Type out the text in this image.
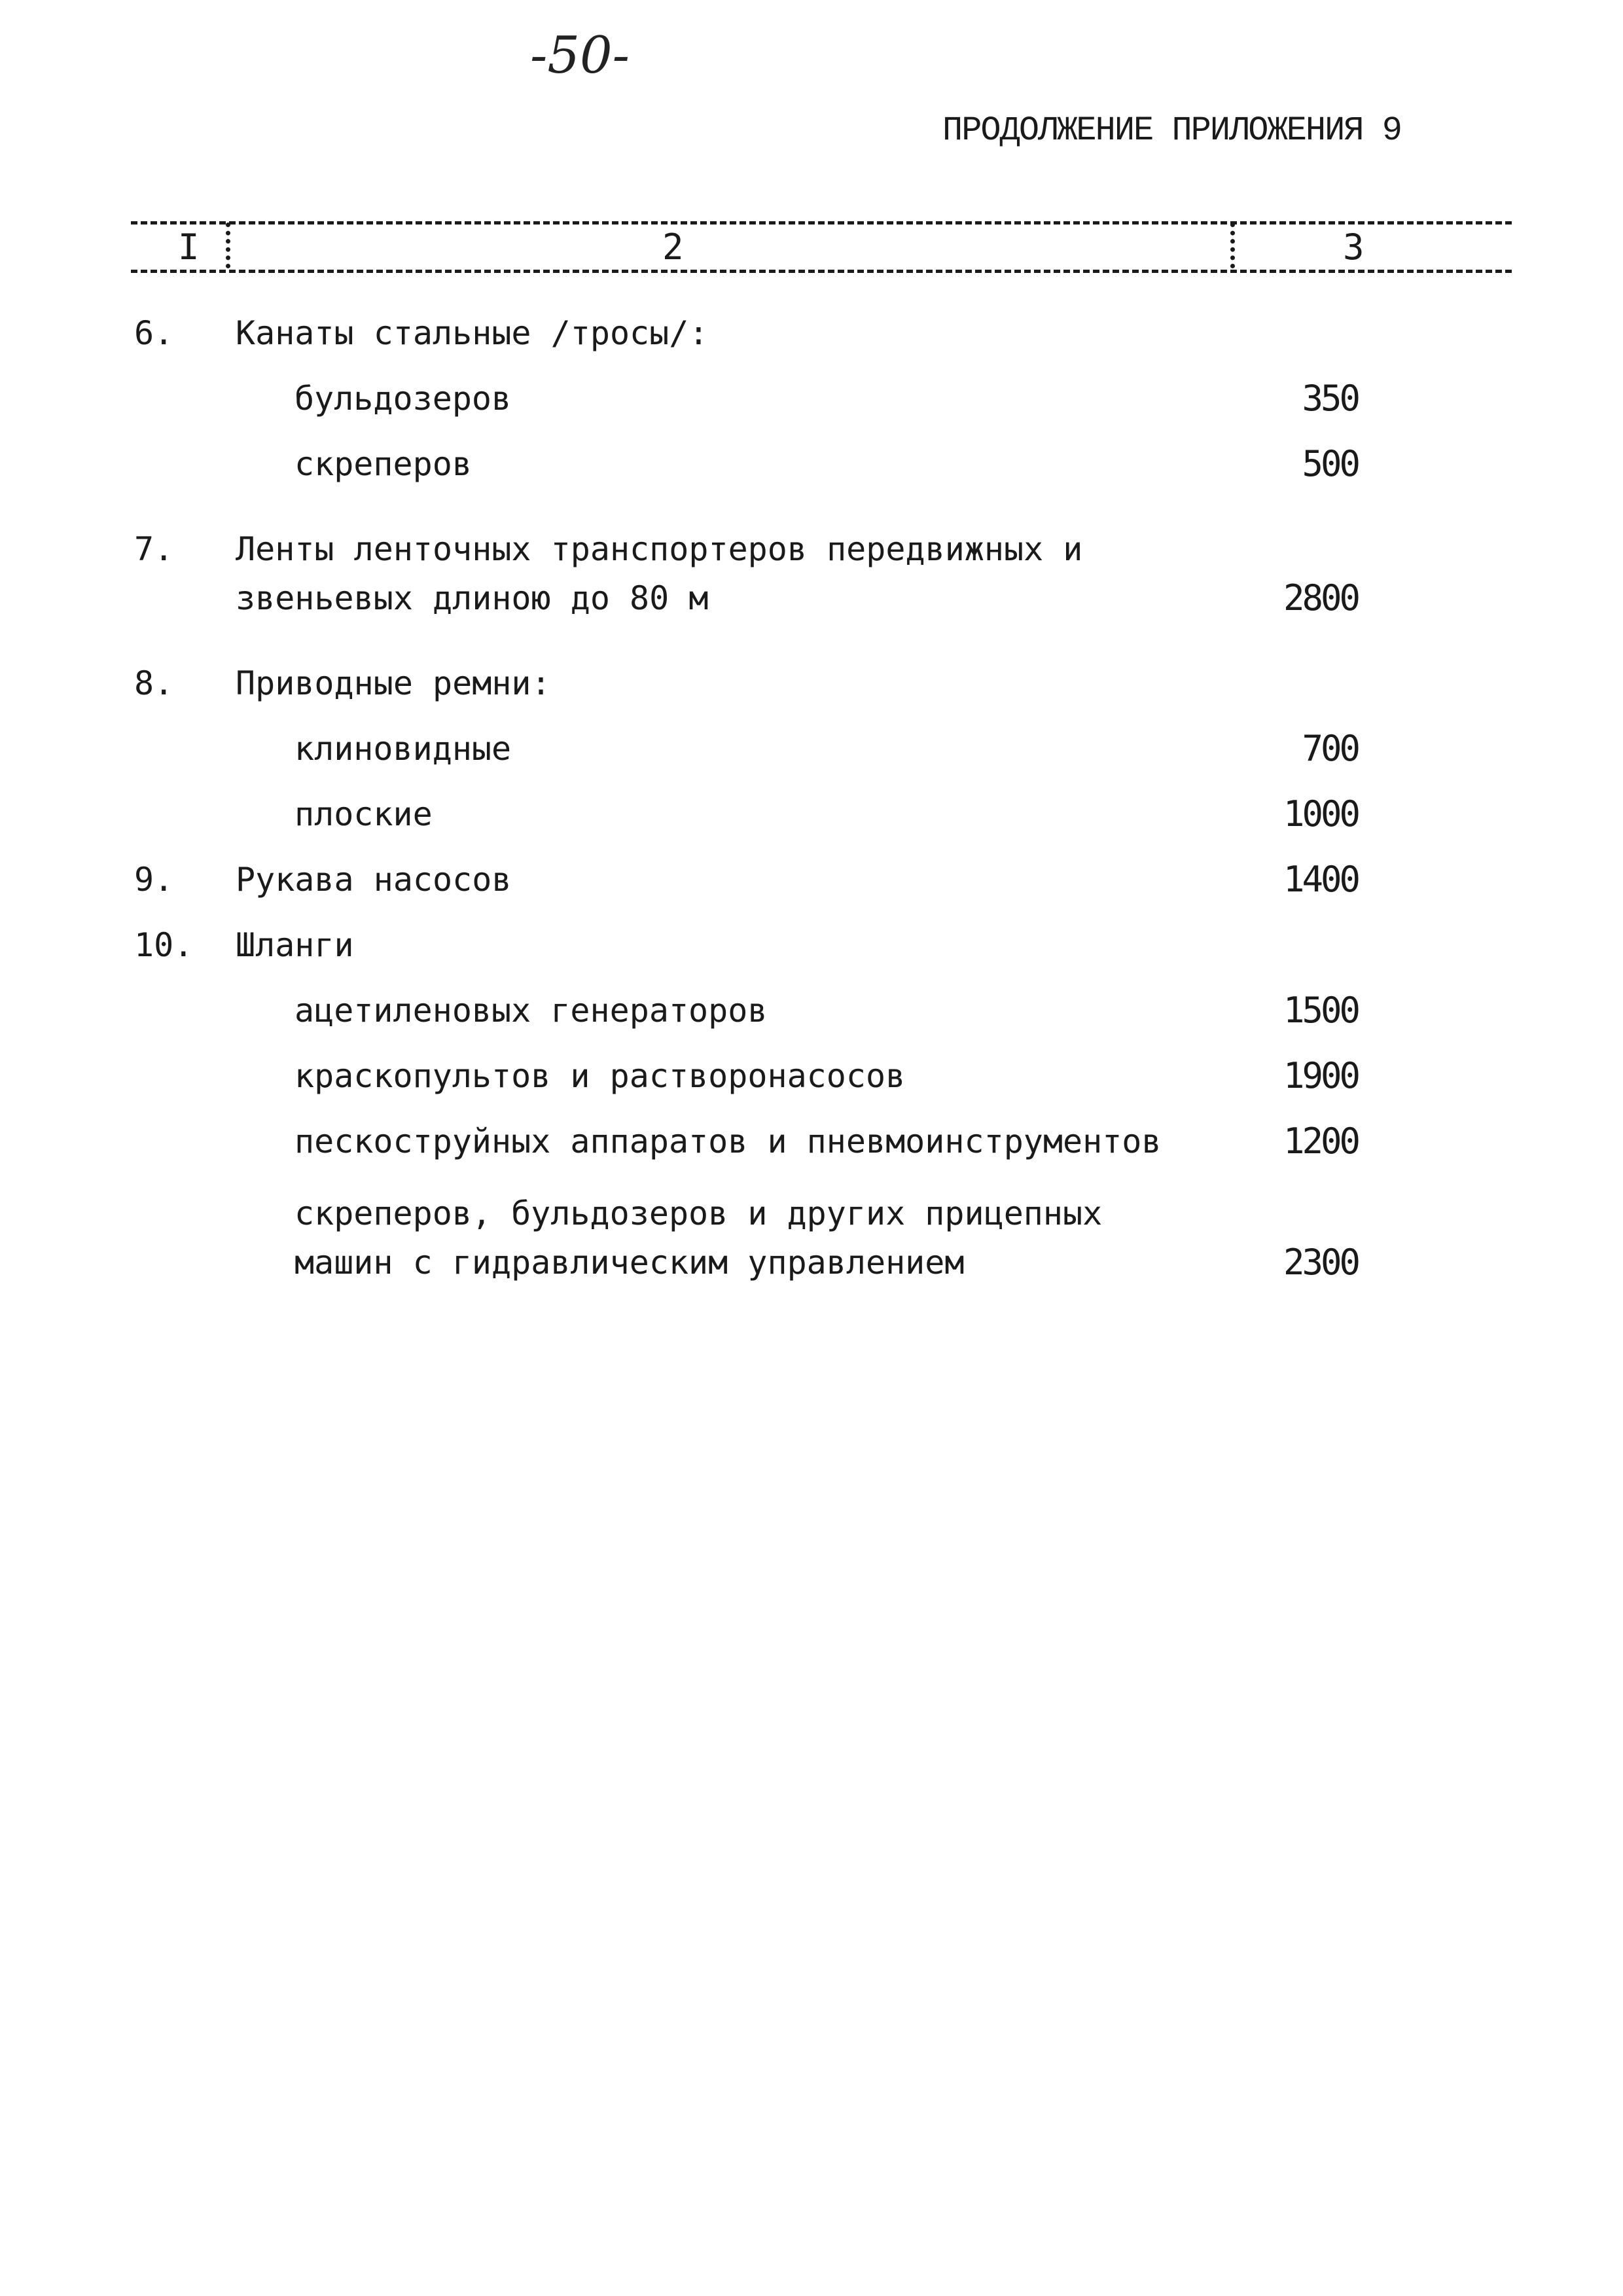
-50-
ПРОДОЛЖЕНИЕ ПРИЛОЖЕНИЯ 9
I	2	3
6. Канаты стальные /тросы/:
бульдозеров	350
скреперов	500
7. Ленты ленточных транспортеров передвижных и
звеньевых длиною до 80 м	2800
8. Приводные ремни:
клиновидные	700
плоские	1000
9. Рукава насосов	1400
10. Шланги
ацетиленовых генераторов	1500
краскопультов и растворонасосов	1900
пескоструйных аппаратов и пневмоинструментов	1200
скреперов, бульдозеров и других прицепных
машин с гидравлическим управлением	2300
